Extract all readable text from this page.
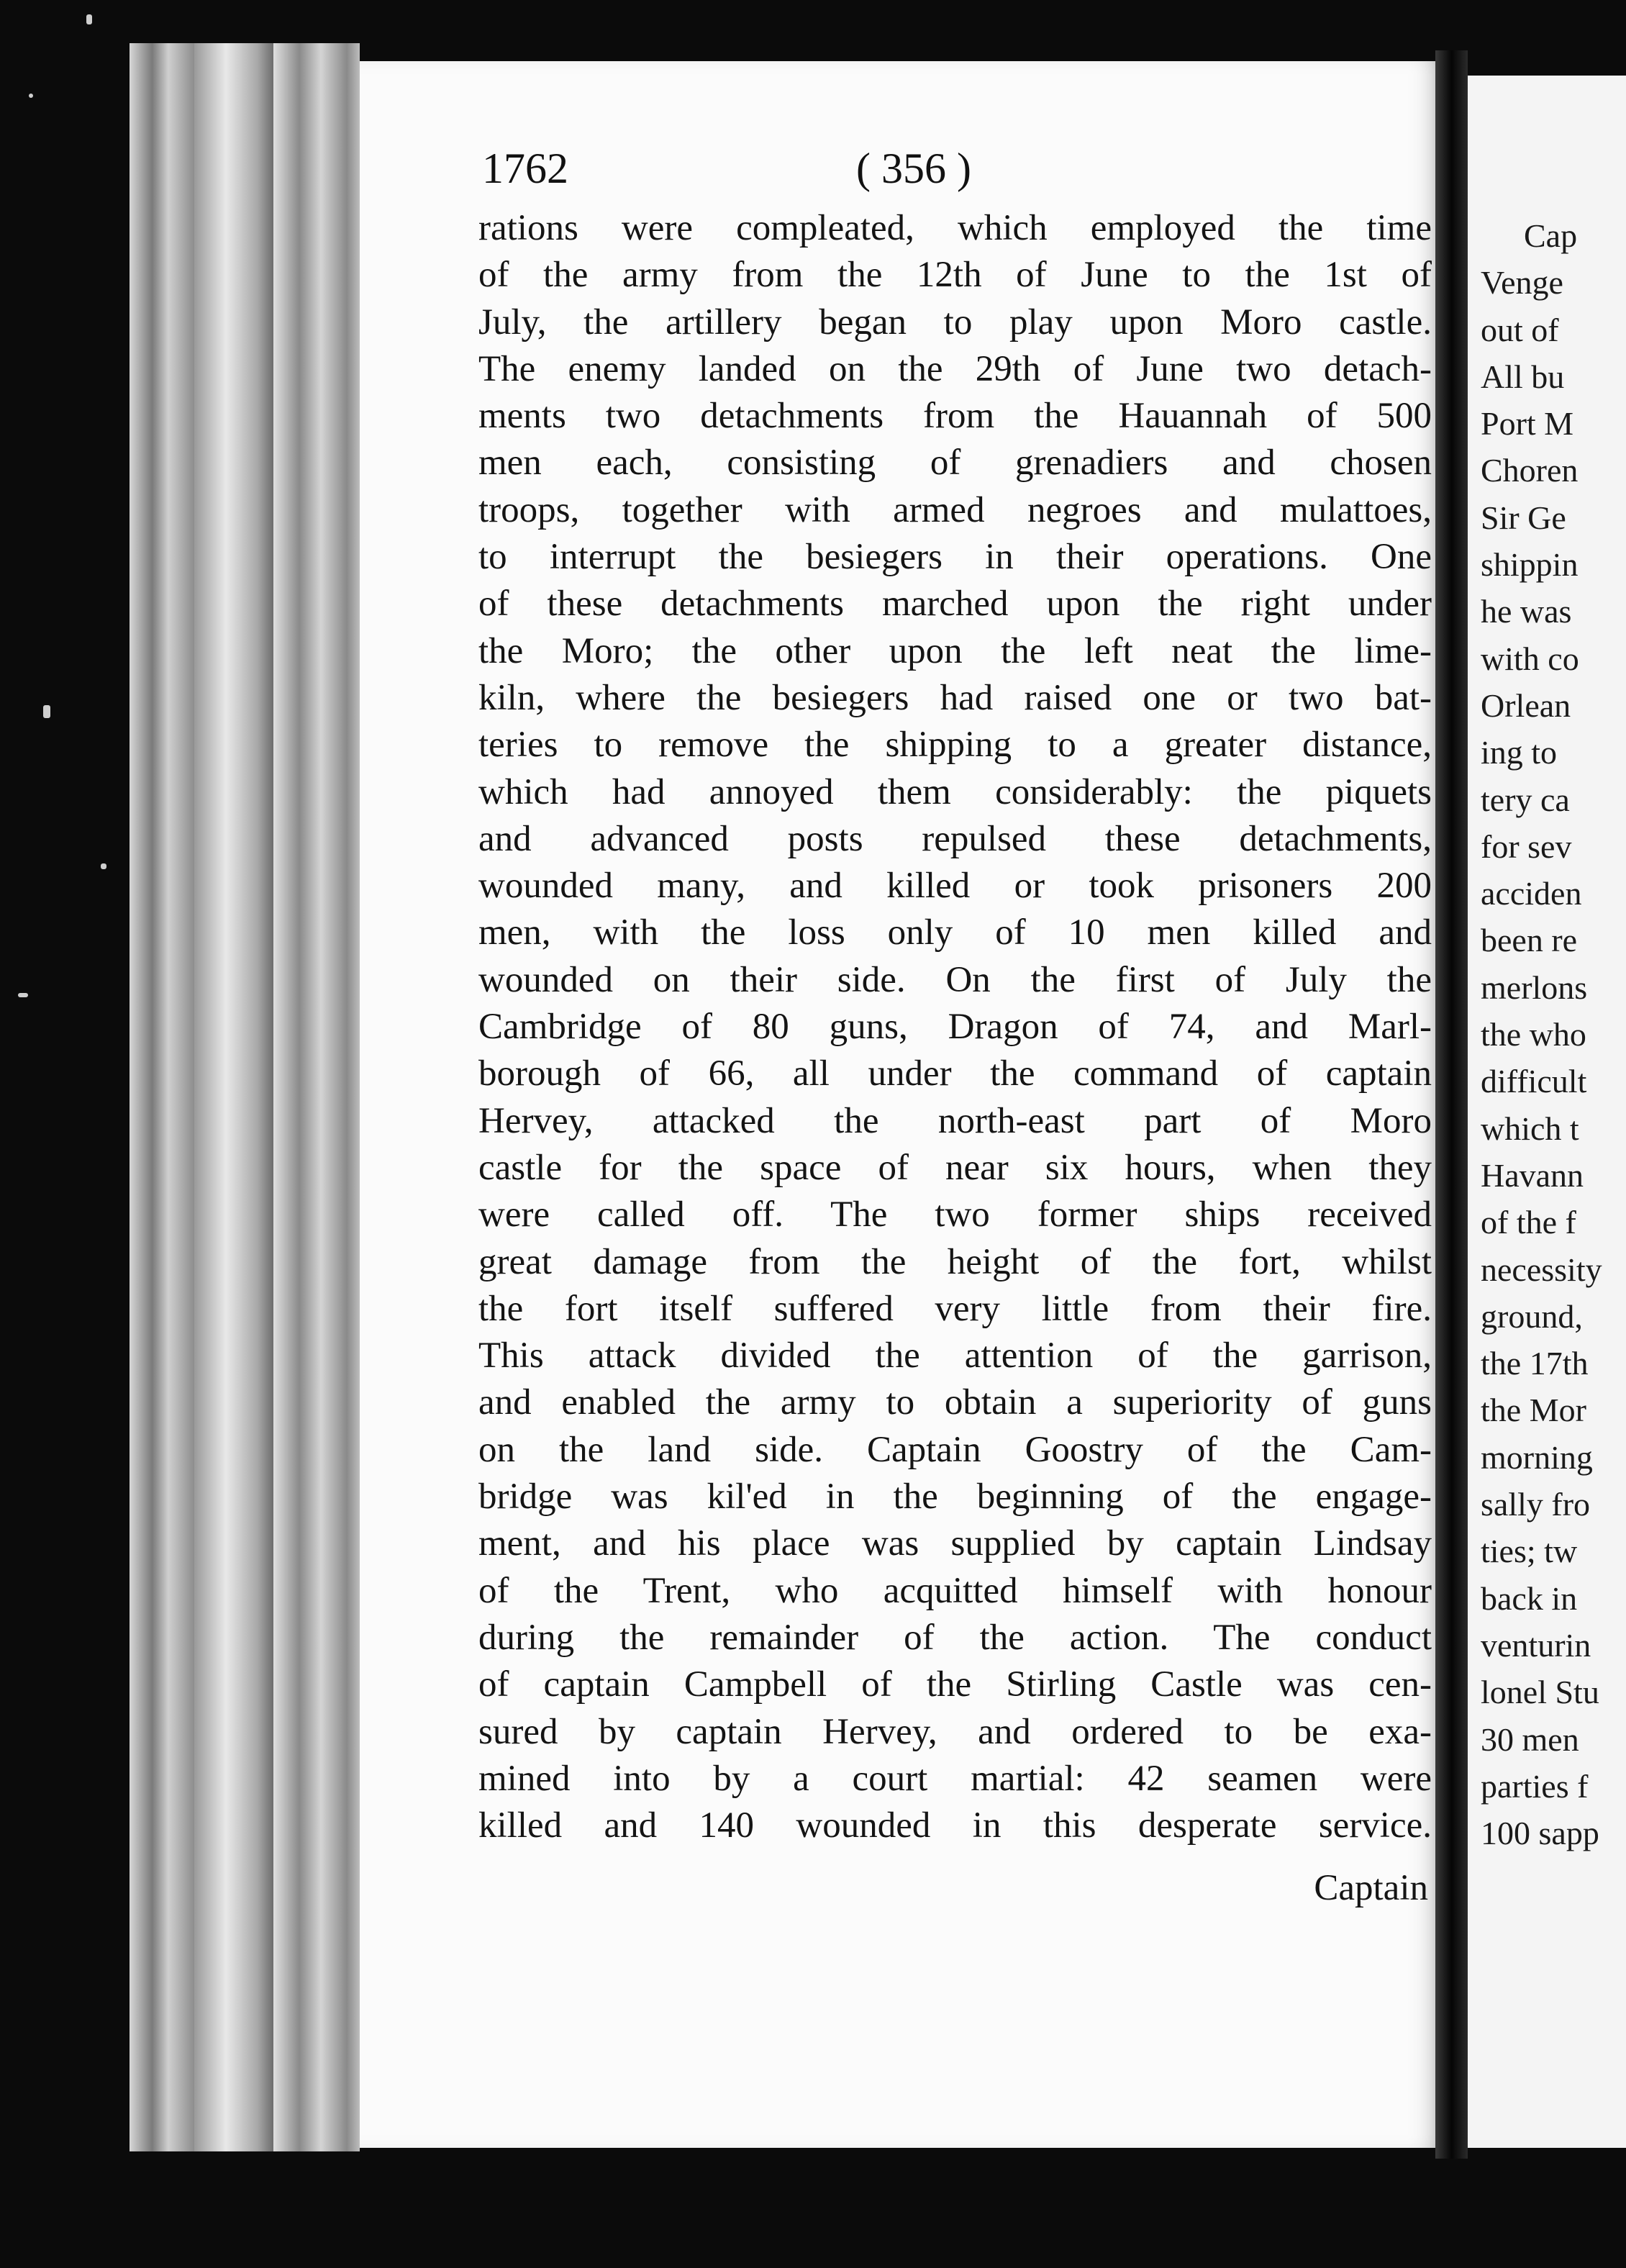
1762	( 356 )
rations were compleated, which employed the time
of the army from the 12th of June to the 1st of
July, the artillery began to play upon Moro castle.
The enemy landed on the 29th of June two detach-
ments two detachments from the Hauannah of 500
men each, consisting of grenadiers and chosen
troops, together with armed negroes and mulattoes,
to interrupt the besiegers in their operations. One
of these detachments marched upon the right under
the Moro; the other upon the left neat the lime-
kiln, where the besiegers had raised one or two bat-
teries to remove the shipping to a greater distance,
which had annoyed them considerably: the piquets
and advanced posts repulsed these detachments,
wounded many, and killed or took prisoners 200
men, with the loss only of 10 men killed and
wounded on their side. On the first of July the
Cambridge of 80 guns, Dragon of 74, and Marl-
borough of 66, all under the command of captain
Hervey, attacked the north-east part of Moro
castle for the space of near six hours, when they
were called off. The two former ships received
great damage from the height of the fort, whilst
the fort itself suffered very little from their fire.
This attack divided the attention of the garrison,
and enabled the army to obtain a superiority of guns
on the land side. Captain Goostry of the Cam-
bridge was kil'ed in the beginning of the engage-
ment, and his place was supplied by captain Lindsay
of the Trent, who acquitted himself with honour
during the remainder of the action. The conduct
of captain Campbell of the Stirling Castle was cen-
sured by captain Hervey, and ordered to be exa-
mined into by a court martial: 42 seamen were
killed and 140 wounded in this desperate service.
Captain
Cap
Venge
out of
All bu
Port M
Choren
Sir Ge
shippin
he was
with co
Orlean
ing to
tery ca
for sev
acciden
been re
merlons
the who
difficult
which t
Havann
of the f
necessity
ground,
the 17th
the Mor
morning
sally fro
ties; tw
back in
venturin
lonel Stu
30 men
parties f
100 sapp
